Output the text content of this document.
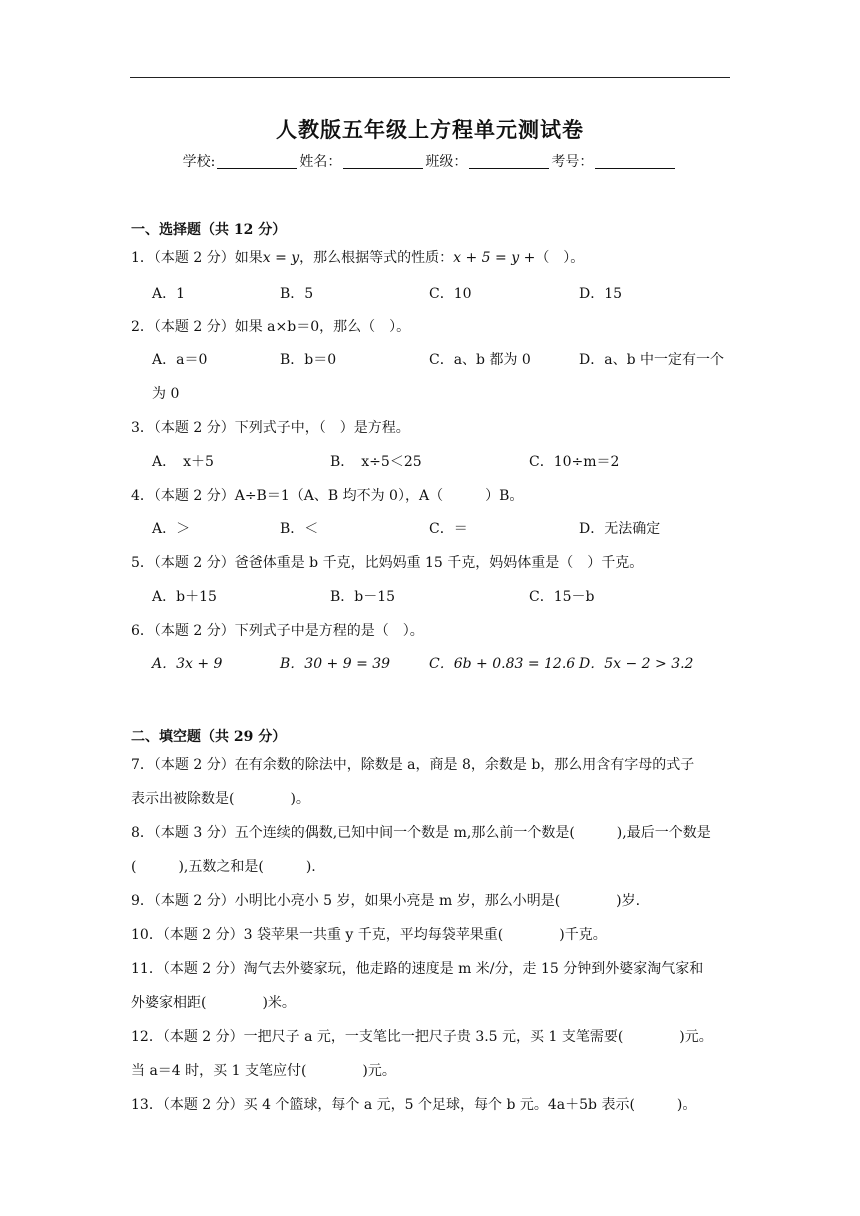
人教版五年级上方程单元测试卷
学校:	姓名：	班级：	考号：
一、选择题（共 12 分）
1．（本题 2 分）如果x = y，那么根据等式的性质：x + 5 = y +（　）。
A．1	B．5	C．10	D．15
2．（本题 2 分）如果 a×b＝0，那么（　）。
A．a＝0	B．b＝0	C．a、b 都为 0	D．a、b 中一定有一个
为 0
3．（本题 2 分）下列式子中，（　）是方程。
A．　x＋5	B．　x÷5＜25	C．10÷m＝2
4．（本题 2 分）A÷B＝1（A、B 均不为 0），A（　　　）B。
A．＞	B．＜	C．＝	D．无法确定
5．（本题 2 分）爸爸体重是 b 千克，比妈妈重 15 千克，妈妈体重是（　）千克。
A．b＋15	B．b－15	C．15－b
6．（本题 2 分）下列式子中是方程的是（　）。
A．3x + 9	B．30 + 9 = 39	C．6b + 0.83 = 12.6 D．5x − 2 > 3.2
二、填空题（共 29 分）
7．（本题 2 分）在有余数的除法中，除数是 a，商是 8，余数是 b，那么用含有字母的式子
表示出被除数是(　　　　)。
8．（本题 3 分）五个连续的偶数,已知中间一个数是 m,那么前一个数是(　　　),最后一个数是
(　　　),五数之和是(　　　).
9．（本题 2 分）小明比小亮小 5 岁，如果小亮是 m 岁，那么小明是(　　　　)岁.
10．（本题 2 分）3 袋苹果一共重 y 千克，平均每袋苹果重(　　　　)千克。
11．（本题 2 分）淘气去外婆家玩，他走路的速度是 m 米/分，走 15 分钟到外婆家淘气家和
外婆家相距(　　　　)米。
12．（本题 2 分）一把尺子 a 元，一支笔比一把尺子贵 3.5 元，买 1 支笔需要(　　　　)元。
当 a＝4 时，买 1 支笔应付(　　　　)元。
13．（本题 2 分）买 4 个篮球，每个 a 元，5 个足球，每个 b 元。4a＋5b 表示(　　　)。
